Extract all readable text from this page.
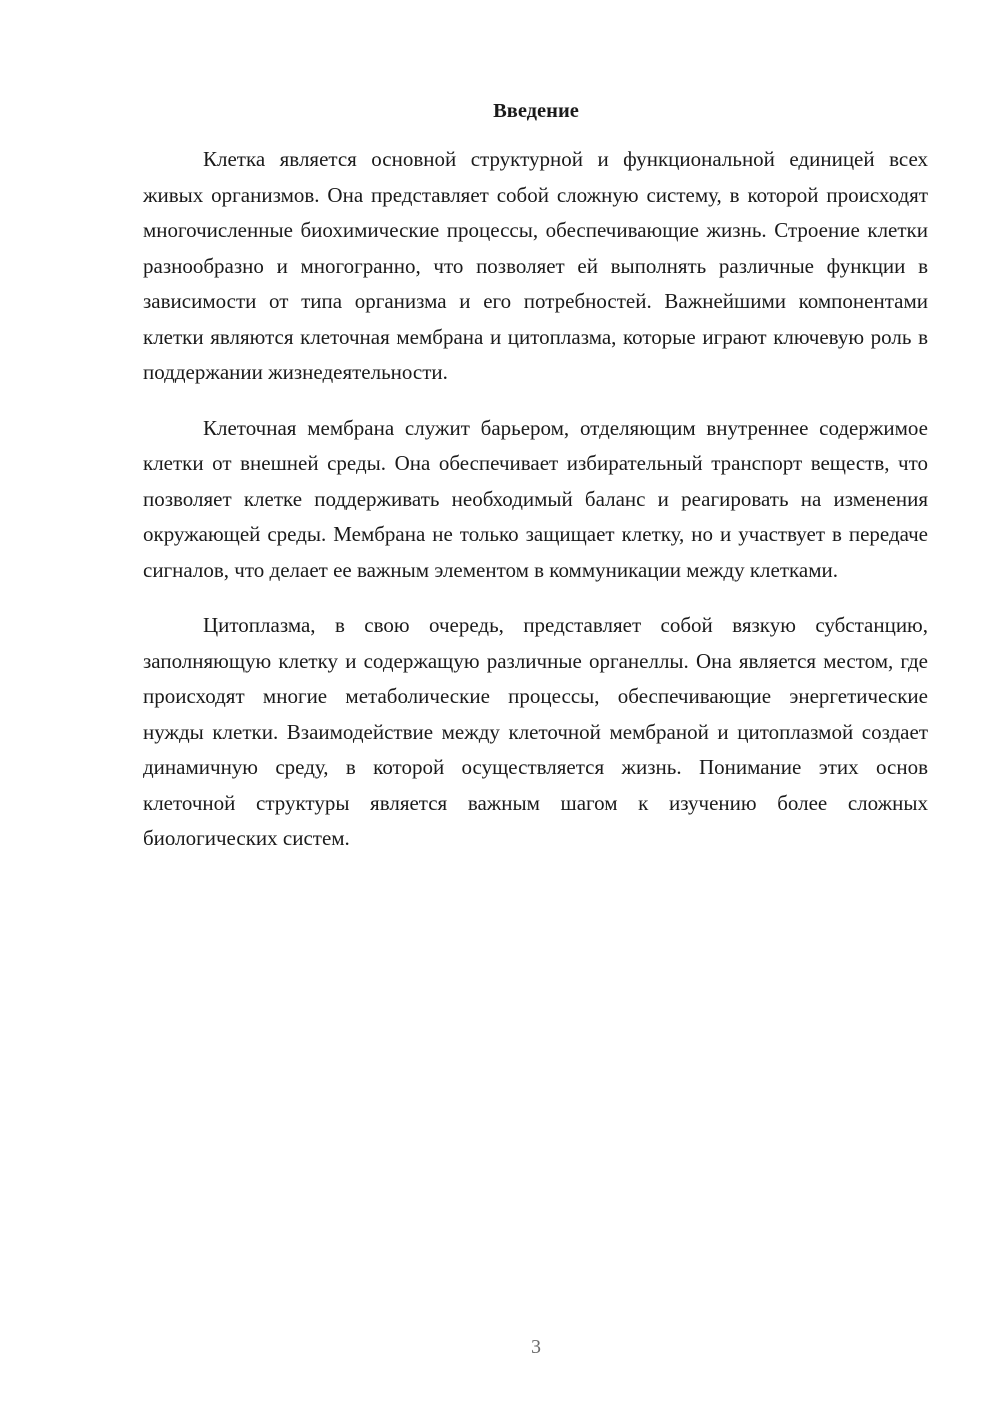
Введение

Клетка является основной структурной и функциональной единицей всех живых организмов. Она представляет собой сложную систему, в которой происходят многочисленные биохимические процессы, обеспечивающие жизнь. Строение клетки разнообразно и многогранно, что позволяет ей выполнять различные функции в зависимости от типа организма и его потребностей. Важнейшими компонентами клетки являются клеточная мембрана и цитоплазма, которые играют ключевую роль в поддержании жизнедеятельности.

Клеточная мембрана служит барьером, отделяющим внутреннее содержимое клетки от внешней среды. Она обеспечивает избирательный транспорт веществ, что позволяет клетке поддерживать необходимый баланс и реагировать на изменения окружающей среды. Мембрана не только защищает клетку, но и участвует в передаче сигналов, что делает ее важным элементом в коммуникации между клетками.

Цитоплазма, в свою очередь, представляет собой вязкую субстанцию, заполняющую клетку и содержащую различные органеллы. Она является местом, где происходят многие метаболические процессы, обеспечивающие энергетические нужды клетки. Взаимодействие между клеточной мембраной и цитоплазмой создает динамичную среду, в которой осуществляется жизнь. Понимание этих основ клеточной структуры является важным шагом к изучению более сложных биологических систем.

3
